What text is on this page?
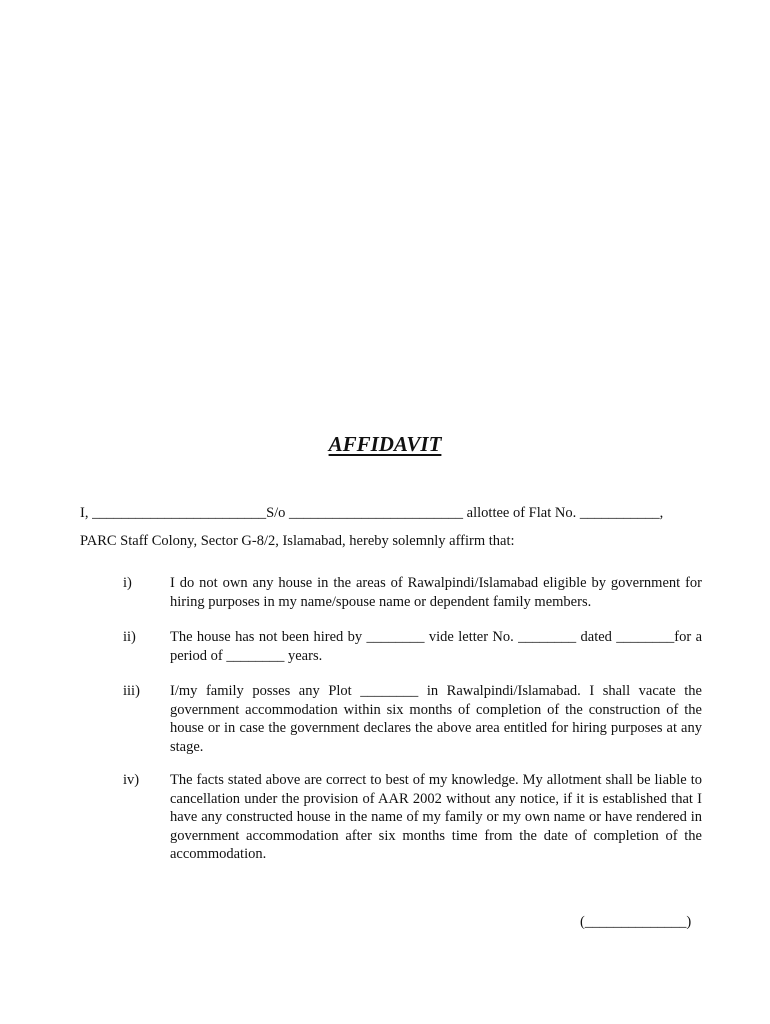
AFFIDAVIT
I, ________________________S/o ________________________ allottee of Flat No. ___________,
PARC Staff Colony, Sector G-8/2, Islamabad, hereby solemnly affirm that:
i)	I do not own any house in the areas of Rawalpindi/Islamabad eligible by government for hiring purposes in my name/spouse name or dependent family members.
ii) The house has not been hired by ________ vide letter No. ________ dated ________for a period of ________ years.
iii) I/my family posses any Plot ________ in Rawalpindi/Islamabad. I shall vacate the government accommodation within six months of completion of the construction of the house or in case the government declares the above area entitled for hiring purposes at any stage.
iv) The facts stated above are correct to best of my knowledge. My allotment shall be liable to cancellation under the provision of AAR 2002 without any notice, if it is established that I have any constructed house in the name of my family or my own name or have rendered in government accommodation after six months time from the date of completion of the accommodation.
(______________)
